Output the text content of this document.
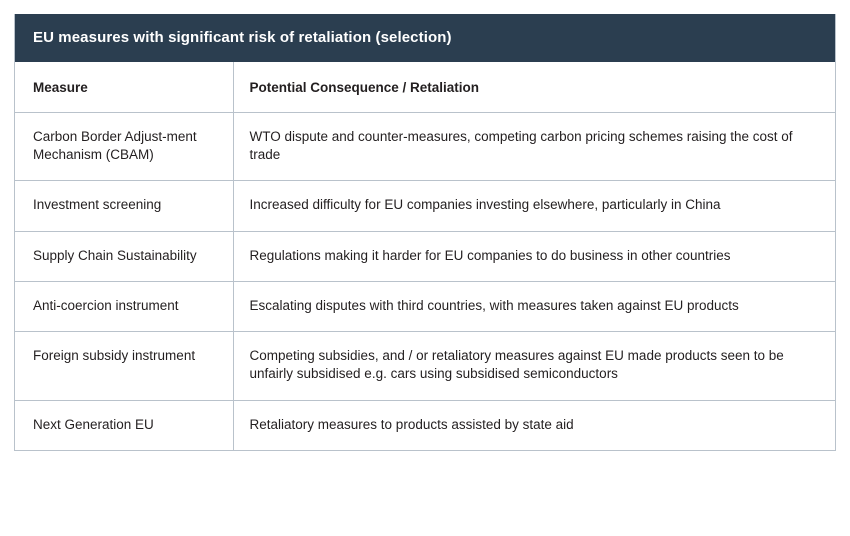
EU measures with significant risk of retaliation (selection)	
Measure	Potential Consequence / Retaliation
Carbon Border Adjust-ment Mechanism (CBAM)	WTO dispute and counter-measures, competing carbon pricing schemes raising the cost of trade
Investment screening	Increased difficulty for EU companies investing elsewhere, particularly in China
Supply Chain Sustainability	Regulations making it harder for EU companies to do business in other countries
Anti-coercion instrument	Escalating disputes with third countries, with measures taken against EU products
Foreign subsidy instrument	Competing subsidies, and / or retaliatory measures against EU made products seen to be unfairly subsidised e.g. cars using subsidised semiconductors
Next Generation EU	Retaliatory measures to products assisted by state aid
